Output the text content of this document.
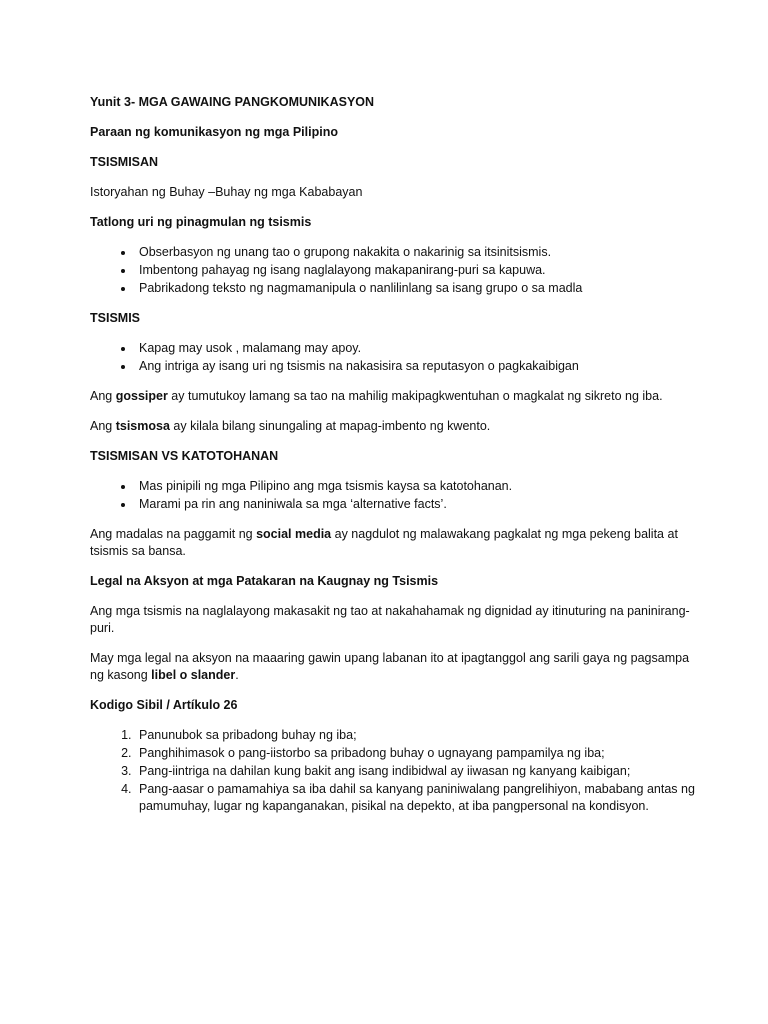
Yunit 3- MGA GAWAING PANGKOMUNIKASYON
Paraan ng komunikasyon ng mga Pilipino
TSISMISAN
Istoryahan ng Buhay –Buhay ng mga Kababayan
Tatlong uri ng pinagmulan ng tsismis
• Obserbasyon ng unang tao o grupong nakakita o nakarinig sa itsinitsismis.
• Imbentong pahayag ng isang naglalayong makapanirang-puri sa kapuwa.
• Pabrikadong teksto ng nagmamanipula o nanlilinlang sa isang grupo o sa madla
TSISMIS
• Kapag may usok , malamang may apoy.
• Ang intriga ay isang uri ng tsismis na nakasisira sa reputasyon o pagkakaibigan
Ang gossiper ay tumutukoy lamang sa tao na mahilig makipagkwentuhan o magkalat ng sikreto ng iba.
Ang tsismosa ay kilala bilang sinungaling at mapag-imbento ng kwento.
TSISMISAN VS KATOTOHANAN
• Mas pinipili ng mga Pilipino ang mga tsismis kaysa sa katotohanan.
• Marami pa rin ang naniniwala sa mga ‘alternative facts’.
Ang madalas na paggamit ng social media ay nagdulot ng malawakang pagkalat ng mga pekeng balita at tsismis sa bansa.
Legal na Aksyon at mga Patakaran na Kaugnay ng Tsismis
Ang mga tsismis na naglalayong makasakit ng tao at nakahahamak ng dignidad ay itinuturing na paninirang-puri.
May mga legal na aksyon na maaaring gawin upang labanan ito at ipagtanggol ang sarili gaya ng pagsampa ng kasong libel o slander.
Kodigo Sibil / Artíkulo 26
1. Panunubok sa pribadong buhay ng iba;
2. Panghihimasok o pang-iistorbo sa pribadong buhay o ugnayang pampamilya ng iba;
3. Pang-iintriga na dahilan kung bakit ang isang indibidwal ay iiwasan ng kanyang kaibigan;
4. Pang-aasar o pamamahiya sa iba dahil sa kanyang paniniwalang pangrelihiyon, mababang antas ng pamumuhay, lugar ng kapanganakan, pisikal na depekto, at iba pangpersonal na kondisyon.
